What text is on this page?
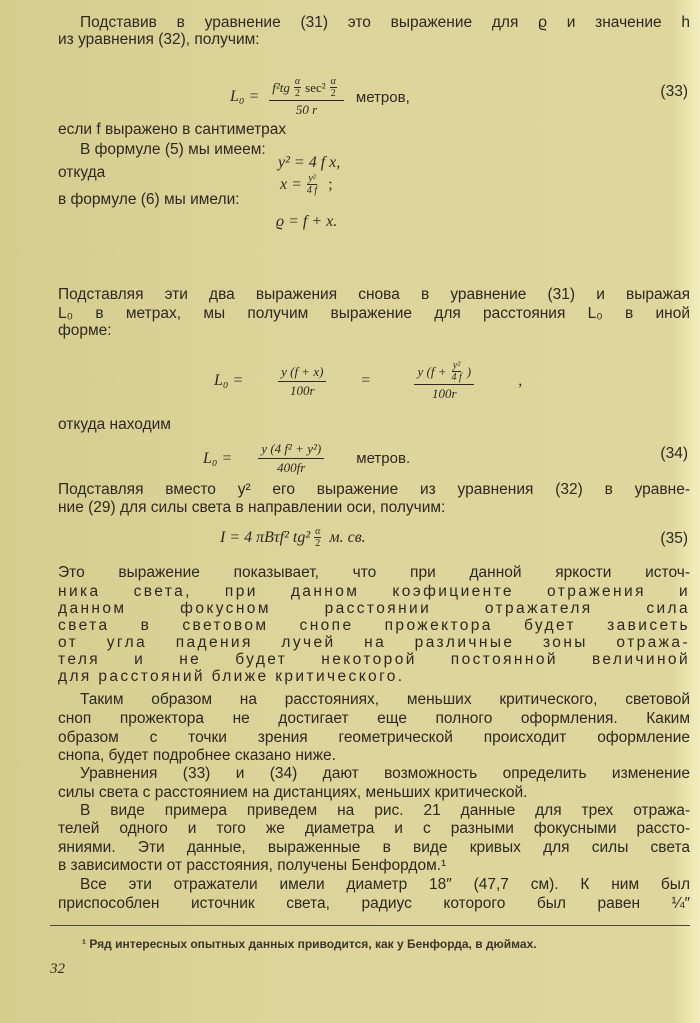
Подставив в уравнение (31) это выражение для ϱ и значение h
из уравнения (32), получим:
$L_0 = \frac{f^2tg \frac{\alpha}{2} \sec^2 \frac{\alpha}{2}}{50 r}$ метров,	(33)
если f выражено в сантиметрах
В формуле (5) мы имеем:
y² = 4 f x,
откуда
$x = \frac{\text{y²}}{4 f}$ ;
в формуле (6) мы имели:
ϱ = f + x.
Подставляя эти два выражения снова в уравнение (31) и выражая
L₀ в метрах, мы получим выражение для расстояния L₀ в иной
форме:
$L_0 = \frac{y (f + x)}{100r} = \frac{y (f + \frac{\text{y²}}{4 f} )}{100r}$ ,
откуда находим
$L_0 = \frac{\text{y (4 f² + y²)}}{400fr}$ метров.	(34)
Подставляя вместо y² его выражение из уравнения (32) в уравне-
ние (29) для силы света в направлении оси, получим:
I = 4 πBτf² $tg^2 \frac{\alpha}{2} м$. св.	(35)
Это выражение показывает, что при данной яркости источ-
ника света, при данном коэфициенте отражения и
данном фокусном расстоянии отражателя сила
света в световом снопе прожектора будет зависеть
от угла падения лучей на различные зоны отража-
теля и не будет некоторой постоянной величиной
для расстояний ближе критического.
Таким образом на расстояниях, меньших критического, световой
сноп прожектора не достигает еще полного оформления. Каким
образом с точки зрения геометрической происходит оформление
снопа, будет подробнее сказано ниже.
Уравнения (33) и (34) дают возможность определить изменение
силы света с расстоянием на дистанциях, меньших критической.
В виде примера приведем на рис. 21 данные для трех отража-
телей одного и того же диаметра и с разными фокусными рассто-
яниями. Эти данные, выраженные в виде кривых для силы света
в зависимости от расстояния, получены Бенфордом.¹
Все эти отражатели имели диаметр 18″ (47,7 см). К ним был
приспособлен источник света, радиус которого был равен ¼″
¹ Ряд интересных опытных данных приводится, как у Бенфорда, в дюймах.
32
